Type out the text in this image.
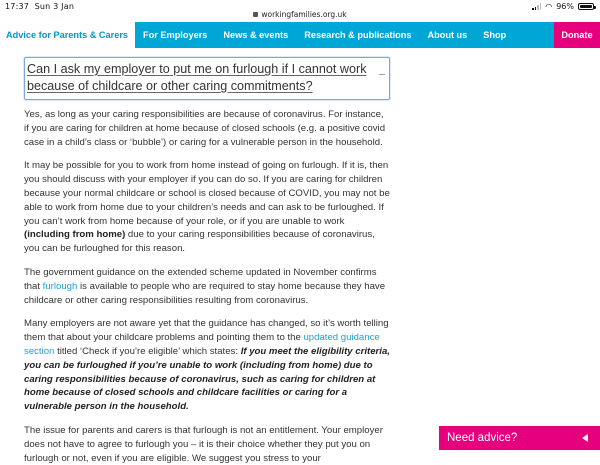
17:37 Sun 3 Jan
workingfamilies.org.uk
◠ 96%
Advice for Parents & Carers	For Employers	News & events	Research & publications	About us	Shop	Donate
Can I ask my employer to put me on furlough if I cannot work because of childcare or other caring commitments?

Yes, as long as your caring responsibilities are because of coronavirus. For instance, if you are caring for children at home because of closed schools (e.g. a positive covid case in a child’s class or ‘bubble’) or caring for a vulnerable person in the household.

It may be possible for you to work from home instead of going on furlough. If it is, then you should discuss with your employer if you can do so. If you are caring for children because your normal childcare or school is closed because of COVID, you may not be able to work from home due to your children’s needs and can ask to be furloughed. If you can’t work from home because of your role, or if you are unable to work (including from home) due to your caring responsibilities because of coronavirus, you can be furloughed for this reason.

The government guidance on the extended scheme updated in November confirms that furlough is available to people who are required to stay home because they have childcare or other caring responsibilities resulting from coronavirus.

Many employers are not aware yet that the guidance has changed, so it’s worth telling them that about your childcare problems and pointing them to the updated guidance section titled ‘Check if you’re eligible’ which states: If you meet the eligibility criteria, you can be furloughed if you’re unable to work (including from home) due to caring responsibilities because of coronavirus, such as caring for children at home because of closed schools and childcare facilities or caring for a vulnerable person in the household.

The issue for parents and carers is that furlough is not an entitlement. Your employer does not have to agree to furlough you – it is their choice whether they put you on furlough or not, even if you are eligible. We suggest you stress to your

Need advice?
